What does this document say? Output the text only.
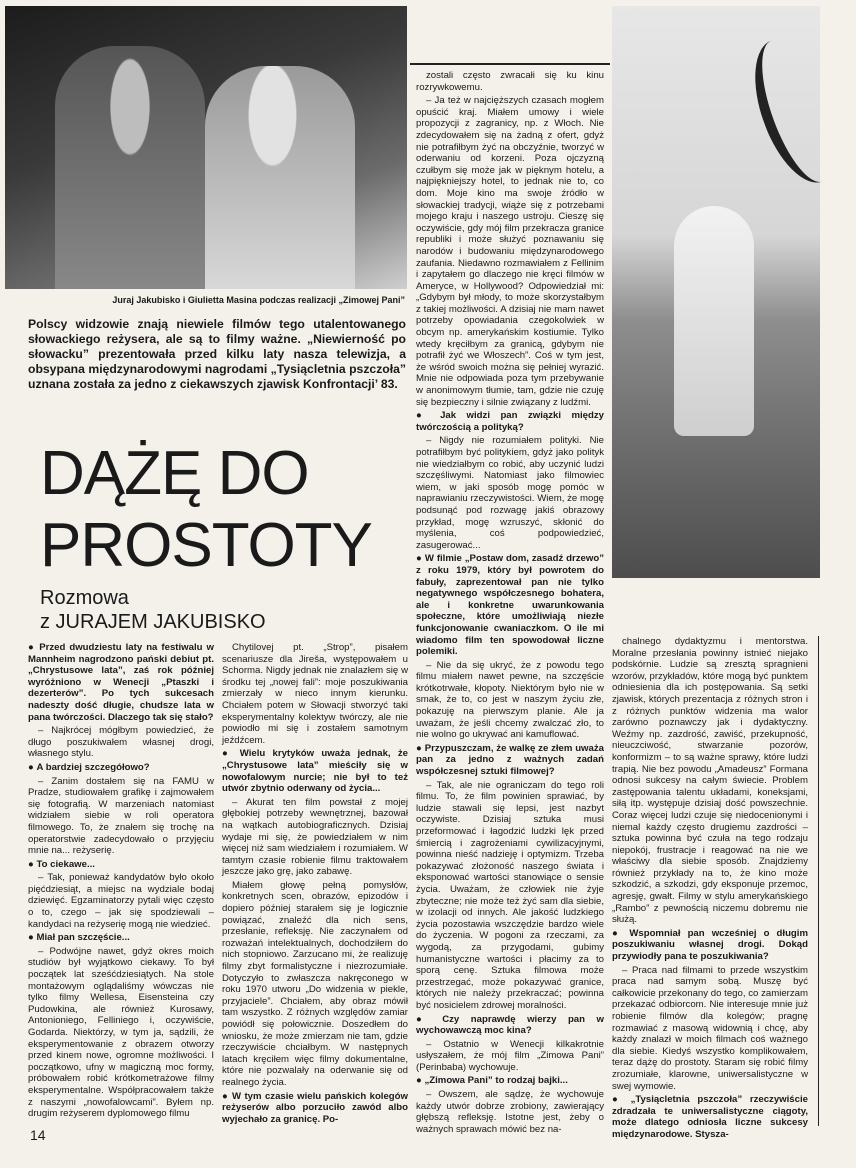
Juraj Jakubisko i Giulietta Masina podczas realizacji „Zimowej Pani”
Polscy widzowie znają niewiele filmów tego utalentowanego słowackiego reżysera, ale są to filmy ważne. „Niewierność po słowacku” prezentowała przed kilku laty nasza telewizja, a obsypana międzynarodowymi nagrodami „Tysiącletnia pszczoła” uznana została za jedno z ciekawszych zjawisk Konfrontacji’ 83.
DĄŻĘ DO
PROSTOTY
Rozmowa
z JURAJEM JAKUBISKO

● Przed dwudziestu laty na festiwalu w Mannheim nagrodzono pański debiut pt. „Chrystusowe lata”, zaś rok później wyróżniono w Wenecji „Ptaszki i dezerterów”. Po tych sukcesach nadeszty dość długie, chudsze lata w pana twórczości. Dlaczego tak się stało?

– Najkrócej mógłbym powiedzieć, że długo poszukiwałem własnej drogi, własnego stylu.

● A bardziej szczegółowo?

– Zanim dostałem się na FAMU w Pradze, studiowałem grafikę i zajmowałem się fotografią. W marzeniach natomiast widziałem siebie w roli operatora filmowego. To, że znałem się trochę na operatorstwie zadecydowało o przyjęciu mnie na... reżyserię.

● To ciekawe...

– Tak, ponieważ kandydatów było około pięćdziesiąt, a miejsc na wydziale bodaj dziewięć. Egzaminatorzy pytali więc często o to, czego – jak się spodziewali – kandydaci na reżyserię mogą nie wiedzieć.

● Miał pan szczęście...

– Podwójne nawet, gdyż okres moich studiów był wyjątkowo ciekawy. To był początek lat sześćdziesiątych. Na stole montażowym oglądaliśmy wówczas nie tylko filmy Wellesa, Eisensteina czy Pudowkina, ale również Kurosawy, Antonioniego, Felliniego i, oczywiście, Godarda. Niektórzy, w tym ja, sądzili, że eksperymentowanie z obrazem otworzy przed kinem nowe, ogromne możliwości. I początkowo, ufny w magiczną moc formy, próbowałem robić krótkometrażowe filmy eksperymentalne. Współpracowałem także z naszymi „nowofalowcami”. Byłem np. drugim reżyserem dyplomowego filmu

Chytilovej pt. „Strop”, pisałem scenariusze dla Jireša, występowałem u Schorma. Nigdy jednak nie znalazłem się w środku tej „nowej fali”: moje poszukiwania zmierzały w nieco innym kierunku. Chciałem potem w Słowacji stworzyć taki eksperymentalny kolektyw twórczy, ale nie powiodło mi się i zostałem samotnym jeźdźcem.

● Wielu krytyków uważa jednak, że „Chrystusowe lata” mieściły się w nowofalowym nurcie; nie był to też utwór zbytnio oderwany od życia...

– Akurat ten film powstał z mojej głębokiej potrzeby wewnętrznej, bazował na wątkach autobiograficznych. Dzisiaj wydaje mi się, że powiedziałem w nim więcej niż sam wiedziałem i rozumiałem. W tamtym czasie robienie filmu traktowałem jeszcze jako grę, jako zabawę.

Miałem głowę pełną pomysłów, konkretnych scen, obrazów, epizodów i dopiero później starałem się je logicznie powiązać, znaleźć dla nich sens, przesłanie, refleksję. Nie zaczynałem od rozważań intelektualnych, dochodziłem do nich stopniowo. Zarzucano mi, że realizuję filmy zbyt formalistyczne i niezrozumiałe. Dotyczyło to zwłaszcza nakręconego w roku 1970 utworu „Do widzenia w piekle, przyjaciele”. Chciałem, aby obraz mówił tam wszystko. Z różnych względów zamiar powiódł się połowicznie. Doszedłem do wniosku, że może zmierzam nie tam, gdzie rzeczywiście chciałbym. W następnych latach kręciłem więc filmy dokumentalne, które nie pozwalały na oderwanie się od realnego życia.

● W tym czasie wielu pańskich kolegów reżyserów albo porzuciło zawód albo wyjechało za granicę. Po-

zostali często zwracałi się ku kinu rozrywkowemu.

– Ja też w najcięższych czasach mogłem opuścić kraj. Miałem umowy i wiele propozycji z zagranicy, np. z Włoch. Nie zdecydowałem się na żadną z ofert, gdyż nie potrafiłbym żyć na obczyźnie, tworzyć w oderwaniu od korzeni. Poza ojczyzną czułbym się może jak w pięknym hotelu, a najpiękniejszy hotel, to jednak nie to, co dom. Moje kino ma swoje źródło w słowackiej tradycji, wiąże się z potrzebami mojego kraju i naszego ustroju. Cieszę się oczywiście, gdy mój film przekracza granice republiki i może służyć poznawaniu się narodów i budowaniu międzynarodowego zaufania. Niedawno rozmawiałem z Fellinim i zapytałem go dlaczego nie kręci filmów w Ameryce, w Hollywood? Odpowiedział mi: „Gdybym był młody, to może skorzystałbym z takiej możliwości. A dzisiaj nie mam nawet potrzeby opowiadania czegokolwiek w obcym np. amerykańskim kostiumie. Tylko wtedy kręciłbym za granicą, gdybym nie potrafił żyć we Włoszech”. Coś w tym jest, że wśród swoich można się pełniej wyrazić. Mnie nie odpowiada poza tym przebywanie w anonimowym tłumie, tam, gdzie nie czuję się bezpieczny i silnie związany z ludźmi.

● Jak widzi pan związki między twórczością a polityką?

– Nigdy nie rozumiałem polityki. Nie potrafiłbym być politykiem, gdyż jako polityk nie wiedziałbym co robić, aby uczynić ludzi szczęśliwymi. Natomiast jako filmowiec wiem, w jaki sposób mogę pomóc w naprawianiu rzeczywistości. Wiem, że mogę podsunąć pod rozwagę jakiś obrazowy przykład, mogę wzruszyć, skłonić do myślenia, coś podpowiedzieć, zasugerować...

● W filmie „Postaw dom, zasadź drzewo” z roku 1979, który był powrotem do fabuły, zaprezentował pan nie tylko negatywnego współczesnego bohatera, ale i konkretne uwarunkowania społeczne, które umożliwiają niezłe funkcjonowanie cwaniaczkom. O ile mi wiadomo film ten spowodował liczne polemiki.

– Nie da się ukryć, że z powodu tego filmu miałem nawet pewne, na szczęście krótkotrwałe, kłopoty. Niektórym było nie w smak, że to, co jest w naszym życiu złe, pokazuję na pierwszym planie. Ale ja uważam, że jeśli chcemy zwalczać zło, to nie wolno go ukrywać ani kamuflować.

● Przypuszczam, że walkę ze złem uważa pan za jedno z ważnych zadań współczesnej sztuki filmowej?

– Tak, ale nie ograniczam do tego roli filmu. To, że film powinien sprawiać, by ludzie stawali się lepsi, jest nazbyt oczywiste. Dzisiaj sztuka musi przeformować i łagodzić ludzki lęk przed śmiercią i zagrożeniami cywilizacyjnymi, powinna nieść nadzieję i optymizm. Trzeba pokazywać złożoność naszego świata i eksponować wartości stanowiące o sensie życia. Uważam, że człowiek nie żyje zbyteczne; nie może też żyć sam dla siebie, w izolacji od innych. Ale jakość ludzkiego życia pozostawia wszczędzie bardzo wiele do życzenia. W pogoni za rzeczami, za wygodą, za przygodami, gubimy humanistyczne wartości i płacimy za to sporą cenę. Sztuka filmowa może przestrzegać, może pokazywać granice, których nie należy przekraczać; powinna być nosicielem zdrowej moralności.

● Czy naprawdę wierzy pan w wychowawczą moc kina?

– Ostatnio w Wenecji kilkakrotnie usłyszałem, że mój film „Zimowa Pani” (Perinbaba) wychowuje.

● „Zimowa Pani” to rodzaj bajki...

– Owszem, ale sądzę, że wychowuje każdy utwór dobrze zrobiony, zawierający głębszą refleksję. Istotne jest, żeby o ważnych sprawach mówić bez na-

chalnego dydaktyzmu i mentorstwa. Moralne przesłania powinny istnieć niejako podskórnie. Ludzie są zresztą spragnieni wzorów, przykładów, które mogą być punktem odniesienia dla ich postępowania. Są setki zjawisk, których prezentacja z różnych stron i z różnych punktów widzenia ma walor zarówno poznawczy jak i dydaktyczny. Weźmy np. zazdrość, zawiść, przekupność, nieuczciwość, stwarzanie pozorów, konformizm – to są ważne sprawy, które ludzi trapią. Nie bez powodu „Amadeusz” Formana odnosi sukcesy na całym świecie. Problem zastępowania talentu układami, koneksjami, siłą itp. występuje dzisiaj dość powszechnie. Coraz więcej ludzi czuje się niedocenionymi i niemal każdy często drugiemu zazdrości – sztuka powinna być czuła na tego rodzaju niepokój, frustracje i reagować na nie we właściwy dla siebie sposób. Znajdziemy również przykłady na to, że kino może szkodzić, a szkodzi, gdy eksponuje przemoc, agresję, gwałt. Filmy w stylu amerykańskiego „Rambo” z pewnością niczemu dobremu nie służą.

● Wspomniał pan wcześniej o długim poszukiwaniu własnej drogi. Dokąd przywiodły pana te poszukiwania?

– Praca nad filmami to przede wszystkim praca nad samym sobą. Muszę być całkowicie przekonany do tego, co zamierzam przekazać odbiorcom. Nie interesuje mnie już robienie filmów dla kolegów; pragnę rozmawiać z masową widownią i chcę, aby każdy znalazł w moich filmach coś ważnego dla siebie. Kiedyś wszystko komplikowałem, teraz dążę do prostoty. Staram się robić filmy zrozumiałe, klarowne, uniwersalistyczne w swej wymowie.

● „Tysiącletnia pszczoła” rzeczywiście zdradzała te uniwersalistyczne ciągoty, może dlatego odniosła liczne sukcesy międzynarodowe. Styszа-

14
